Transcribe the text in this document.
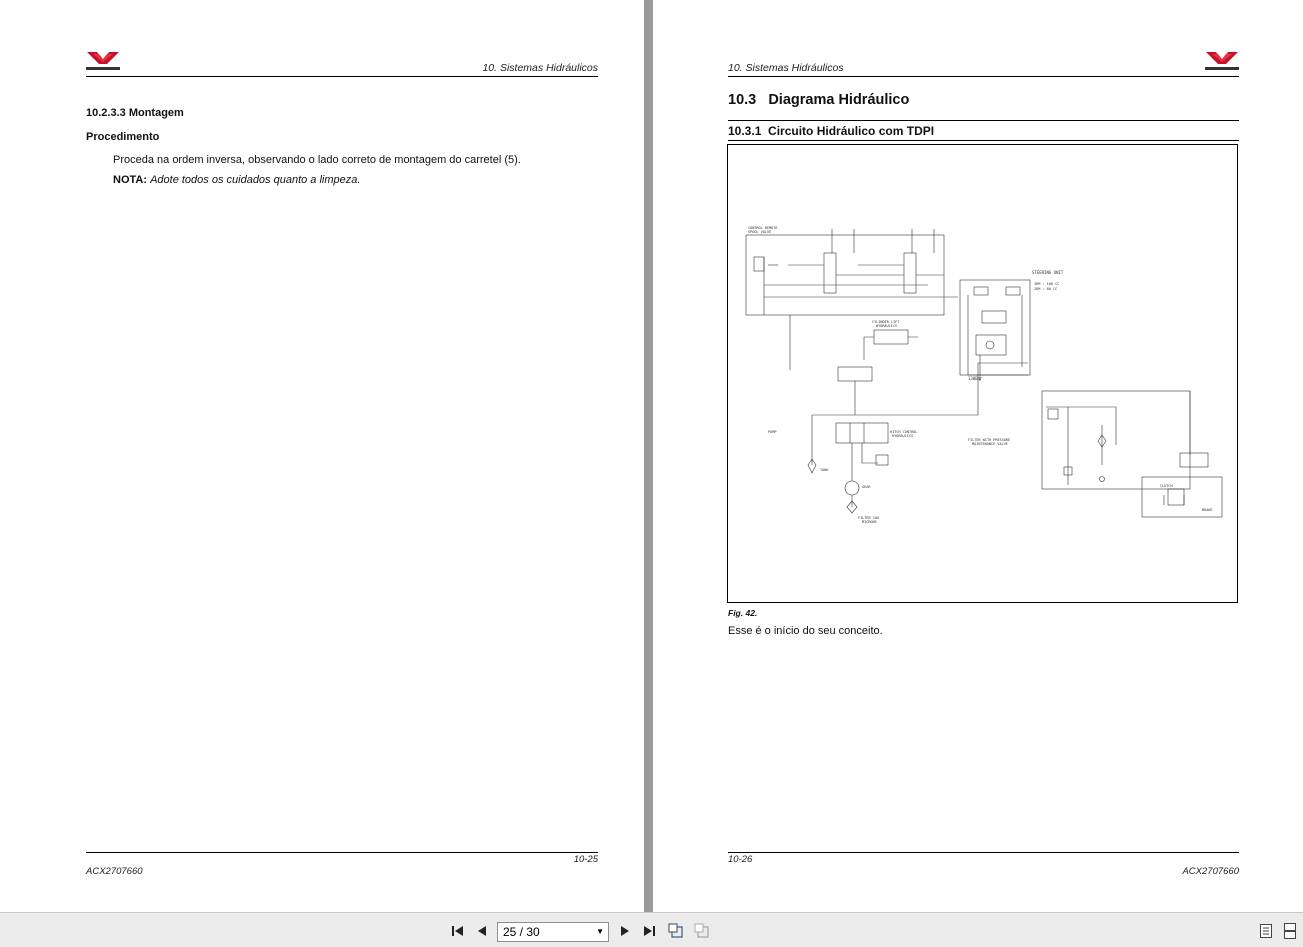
10. Sistemas Hidráulicos
10.2.3.3 Montagem
Procedimento
Proceda na ordem inversa, observando o lado correto de montagem do carretel (5).
NOTA: Adote todos os cuidados quanto a limpeza.
10-25
ACX2707660
10. Sistemas Hidráulicos
10.3 Diagrama Hidráulico
10.3.1 Circuito Hidráulico com TDPI
CONTROL REMOTE
SPOOL VALVE
CYLINDER LIFT
HYDRAULICS
HITCH CONTROL
HYDRAULICS
GEAR
PUMP
FILTER 100
MICRONS
TANK
STEERING UNIT
3RM : 100 CC
2RM : 80 CC
130Bar
FILTER WITH PRESSURE
MAINTENANCE VALVE
CLUTCH
BRAKE
Fig. 42.
Esse é o início do seu conceito.
10-26
ACX2707660
25 / 30	▼
